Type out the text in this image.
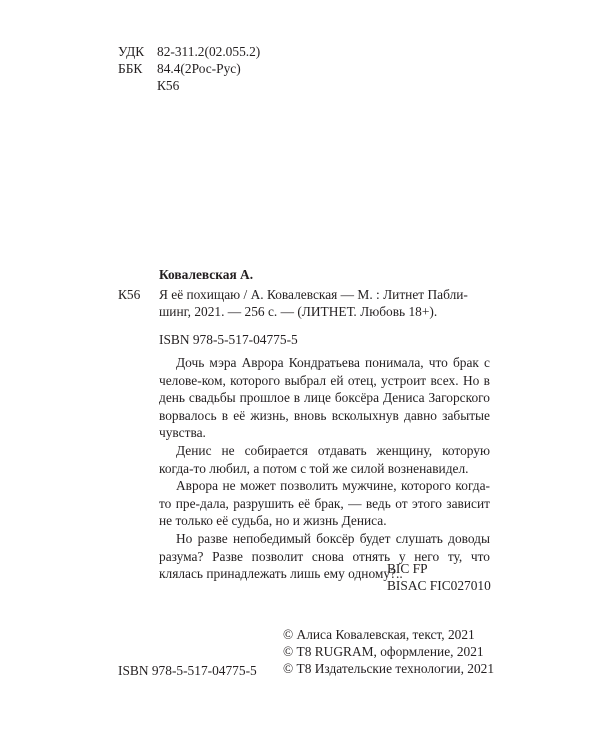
УДК 82-311.2(02.055.2)
ББК 84.4(2Рос-Рус)
К56
Ковалевская А.
К56 Я её похищаю / А. Ковалевская — М. : Литнет Пабли-
шинг, 2021. — 256 с. — (ЛИТНЕТ. Любовь 18+).
ISBN 978-5-517-04775-5

Дочь мэра Аврора Кондратьева понимала, что брак с челове-ком, которого выбрал ей отец, устроит всех. Но в день свадьбы прошлое в лице боксёра Дениса Загорского ворвалось в её жизнь, вновь всколыхнув давно забытые чувства.

Денис не собирается отдавать женщину, которую когда-то любил, а потом с той же силой возненавидел.

Аврора не может позволить мужчине, которого когда-то пре-дала, разрушить её брак, — ведь от этого зависит не только её судьба, но и жизнь Дениса.

Но разве непобедимый боксёр будет слушать доводы разума? Разве позволит снова отнять у него ту, что клялась принадлежать лишь ему одному?..

BIC FP
BISAC FIC027010
© Алиса Ковалевская, текст, 2021
© Т8 RUGRAM, оформление, 2021
© Т8 Издательские технологии, 2021
ISBN 978-5-517-04775-5
